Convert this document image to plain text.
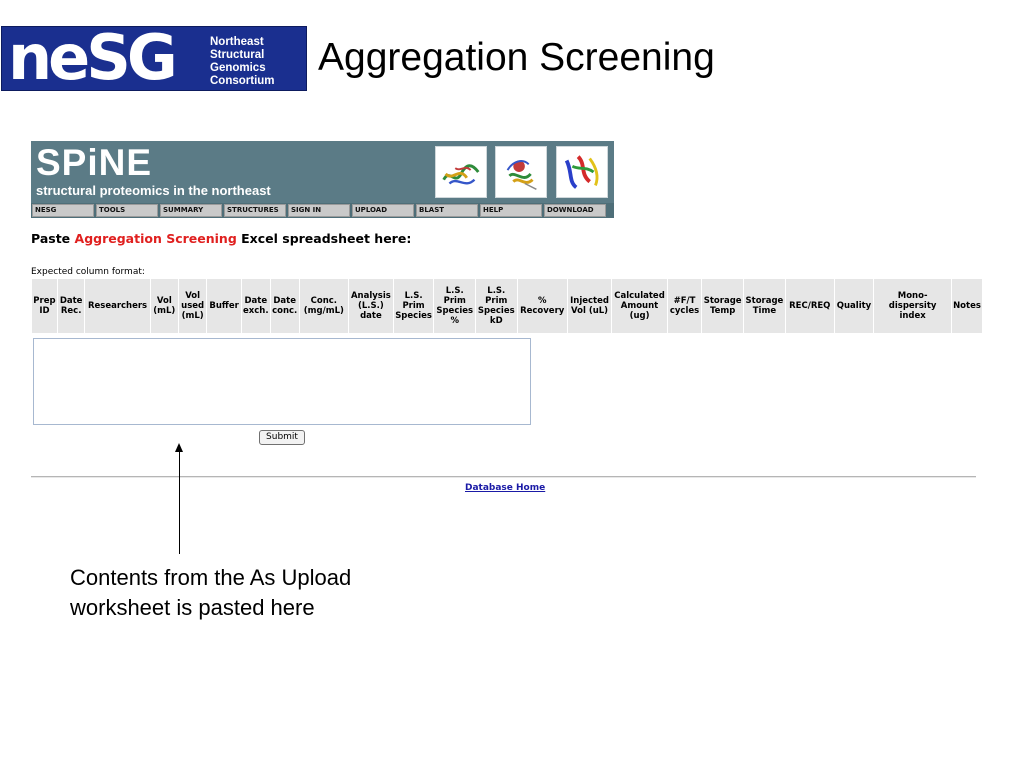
neSG	Northeast
Structural
Genomics
Consortium
Aggregation Screening
SPiNE
structural proteomics in the northeast
NESG	TOOLS	SUMMARY	STRUCTURES	SIGN IN	UPLOAD	BLAST	HELP	DOWNLOAD
Paste Aggregation Screening Excel spreadsheet here:
Expected column format:
Prep ID	Date Rec.	Researchers	Vol (mL)	Vol used (mL)	Buffer	Date exch.	Date conc.	Conc. (mg/mL)	Analysis (L.S.) date	L.S. Prim Species	L.S. Prim Species %	L.S. Prim Species kD	% Recovery	Injected Vol (uL)	Calculated Amount (ug)	#F/T cycles	Storage Temp	Storage Time	REC/REQ	Quality	Mono-dispersity index	Notes
Submit
Database Home
Contents from the As Upload worksheet is pasted here
